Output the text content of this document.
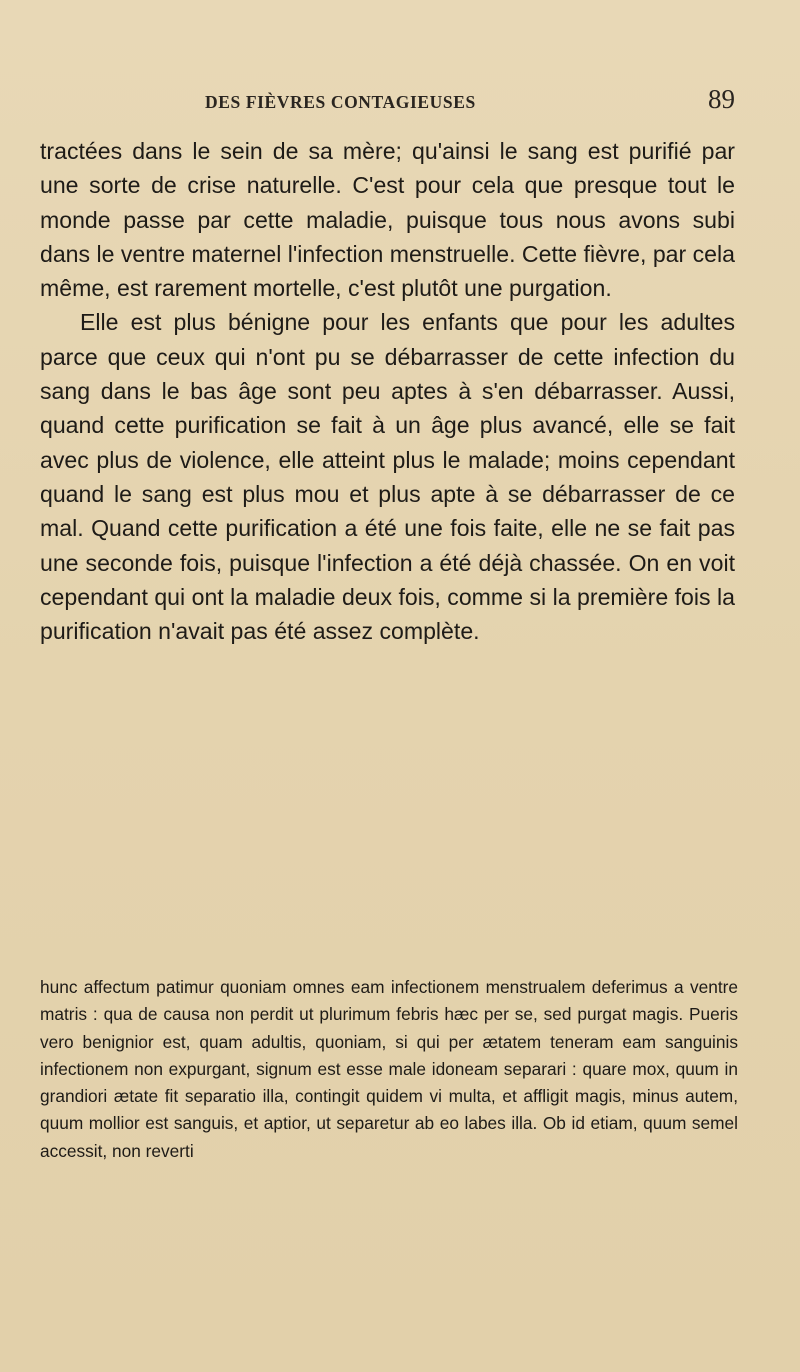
DES FIÈVRES CONTAGIEUSES	89

tractées dans le sein de sa mère; qu'ainsi le sang est purifié par une sorte de crise naturelle. C'est pour cela que presque tout le monde passe par cette maladie, puisque tous nous avons subi dans le ventre maternel l'infection menstruelle. Cette fièvre, par cela même, est rarement mortelle, c'est plutôt une purgation.

Elle est plus bénigne pour les enfants que pour les adultes parce que ceux qui n'ont pu se débarrasser de cette infection du sang dans le bas âge sont peu aptes à s'en débarrasser. Aussi, quand cette purification se fait à un âge plus avancé, elle se fait avec plus de violence, elle atteint plus le malade; moins cependant quand le sang est plus mou et plus apte à se débarrasser de ce mal. Quand cette purification a été une fois faite, elle ne se fait pas une seconde fois, puisque l'infection a été déjà chassée. On en voit cependant qui ont la maladie deux fois, comme si la première fois la purification n'avait pas été assez complète.

hunc affectum patimur quoniam omnes eam infectionem menstrualem deferimus a ventre matris : qua de causa non perdit ut plurimum febris hæc per se, sed purgat magis. Pueris vero benignior est, quam adultis, quoniam, si qui per ætatem teneram eam sanguinis infectionem non expurgant, signum est esse male idoneam separari : quare mox, quum in grandiori ætate fit separatio illa, contingit quidem vi multa, et affligit magis, minus autem, quum mollior est sanguis, et aptior, ut separetur ab eo labes illa. Ob id etiam, quum semel accessit, non reverti
